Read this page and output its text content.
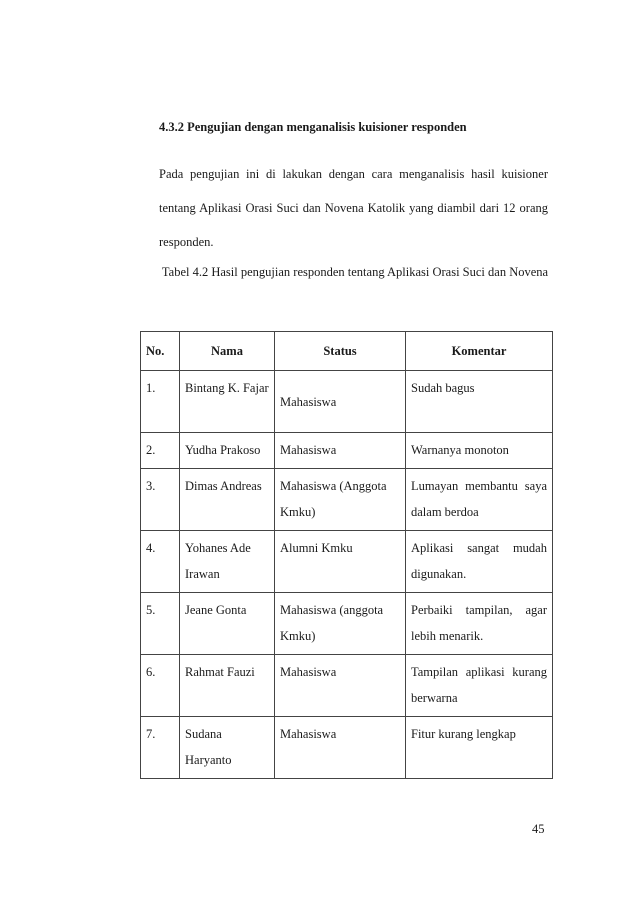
4.3.2 Pengujian dengan menganalisis kuisioner responden
Pada pengujian ini di lakukan dengan cara menganalisis hasil kuisioner tentang Aplikasi Orasi Suci dan Novena Katolik yang diambil dari 12 orang responden.
Tabel 4.2 Hasil pengujian responden tentang Aplikasi Orasi Suci dan Novena
No.	Nama	Status	Komentar
1.	Bintang K. Fajar	Mahasiswa	Sudah bagus
2.	Yudha Prakoso	Mahasiswa	Warnanya monoton
3.	Dimas Andreas	Mahasiswa (Anggota Kmku)	Lumayan membantu saya dalam berdoa
4.	Yohanes Ade Irawan	Alumni Kmku	Aplikasi sangat mudah digunakan.
5.	Jeane Gonta	Mahasiswa (anggota Kmku)	Perbaiki tampilan, agar lebih menarik.
6.	Rahmat Fauzi	Mahasiswa	Tampilan aplikasi kurang berwarna
7.	Sudana Haryanto	Mahasiswa	Fitur kurang lengkap
45
